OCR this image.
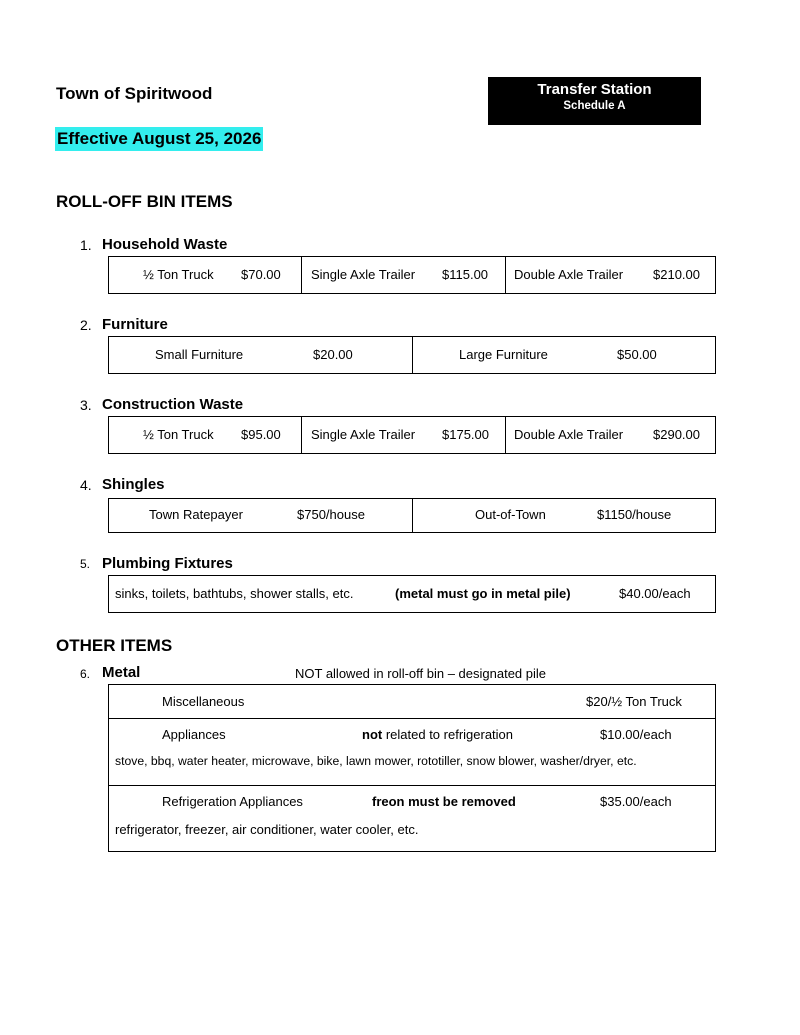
Town of Spiritwood
Effective August 25, 2026
Transfer Station
Schedule A
ROLL-OFF BIN ITEMS
1. Household Waste
½ Ton Truck $70.00 Single Axle Trailer $115.00 Double Axle Trailer $210.00
2. Furniture
Small Furniture	$20.00	Large Furniture	$50.00
3. Construction Waste
½ Ton Truck $95.00 Single Axle Trailer $175.00 Double Axle Trailer $290.00
4. Shingles
Town Ratepayer	$750/house	Out-of-Town	$1150/house
5. Plumbing Fixtures
sinks, toilets, bathtubs, shower stalls, etc.	(metal must go in metal pile)	$40.00/each
OTHER ITEMS
6. Metal	NOT allowed in roll-off bin – designated pile
Miscellaneous	$20/½ Ton Truck
Appliances	not related to refrigeration	$10.00/each
stove, bbq, water heater, microwave, bike, lawn mower, rototiller, snow blower, washer/dryer, etc.
Refrigeration Appliances	freon must be removed	$35.00/each
refrigerator, freezer, air conditioner, water cooler, etc.
